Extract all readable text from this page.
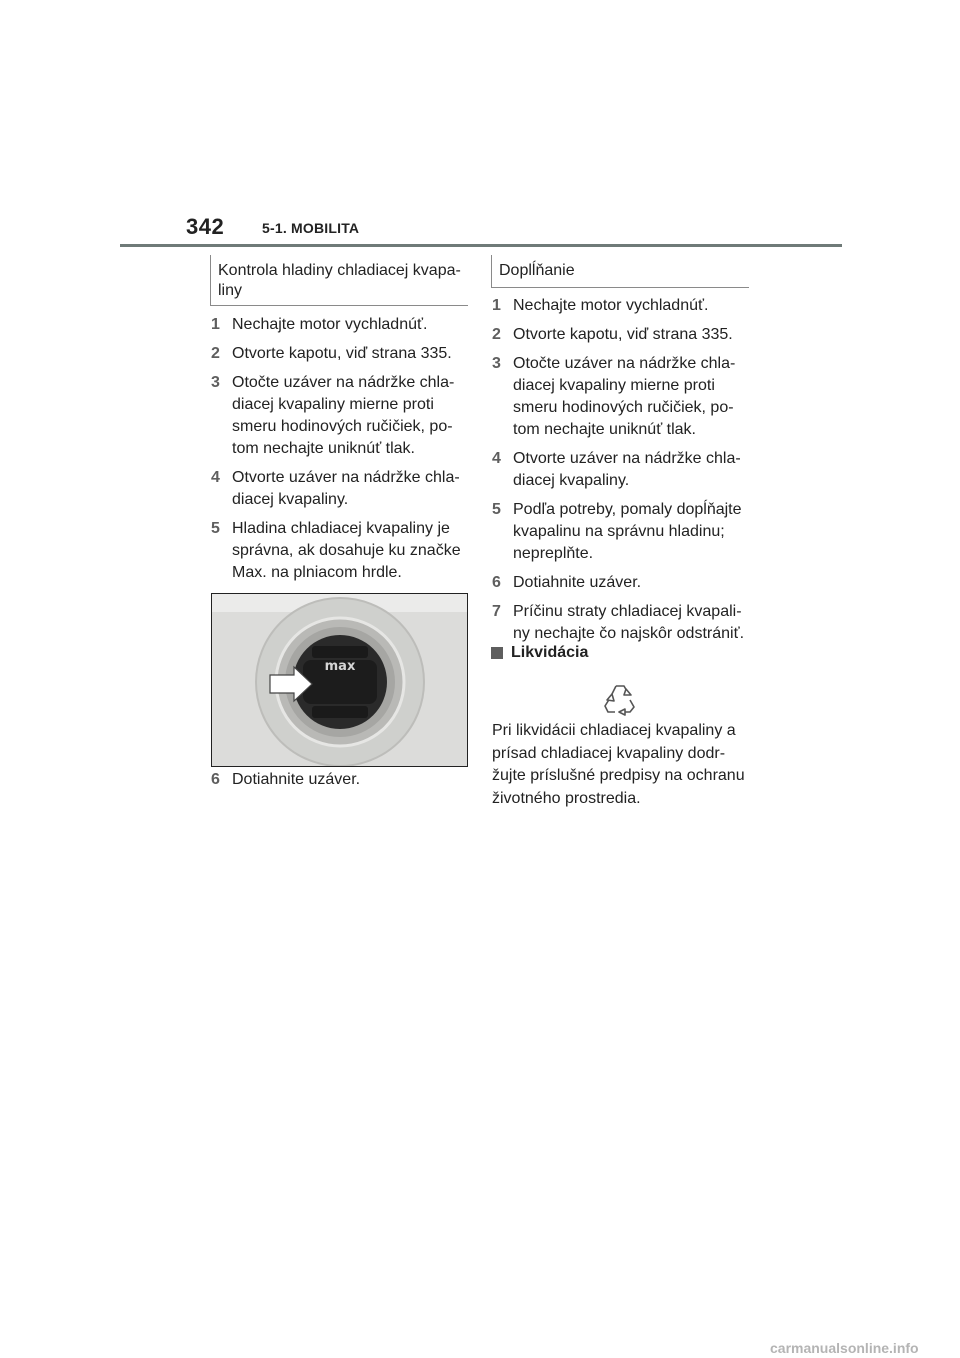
342	5-1. MOBILITA
Kontrola hladiny chladiacej kvapa-liny
1 Nechajte motor vychladnúť.
2 Otvorte kapotu, viď strana 335.
3 Otočte uzáver na nádržke chla-diacej kvapaliny mierne proti smeru hodinových ručičiek, po-tom nechajte uniknúť tlak.
4 Otvorte uzáver na nádržke chla-diacej kvapaliny.
5 Hladina chladiacej kvapaliny je správna, ak dosahuje ku značke Max. na plniacom hrdle.
max
6 Dotiahnite uzáver.
Doplĺňanie
1 Nechajte motor vychladnúť.
2 Otvorte kapotu, viď strana 335.
3 Otočte uzáver na nádržke chla-diacej kvapaliny mierne proti smeru hodinových ručičiek, po-tom nechajte uniknúť tlak.
4 Otvorte uzáver na nádržke chla-diacej kvapaliny.
5 Podľa potreby, pomaly dopĺňajte kvapalinu na správnu hladinu; nepreplňte.
6 Dotiahnite uzáver.
7 Príčinu straty chladiacej kvapali-ny nechajte čo najskôr odstrániť.
Likvidácia
Pri likvidácii chladiacej kvapaliny a prísad chladiacej kvapaliny dodr-žujte príslušné predpisy na ochranu životného prostredia.
carmanualsonline.info
